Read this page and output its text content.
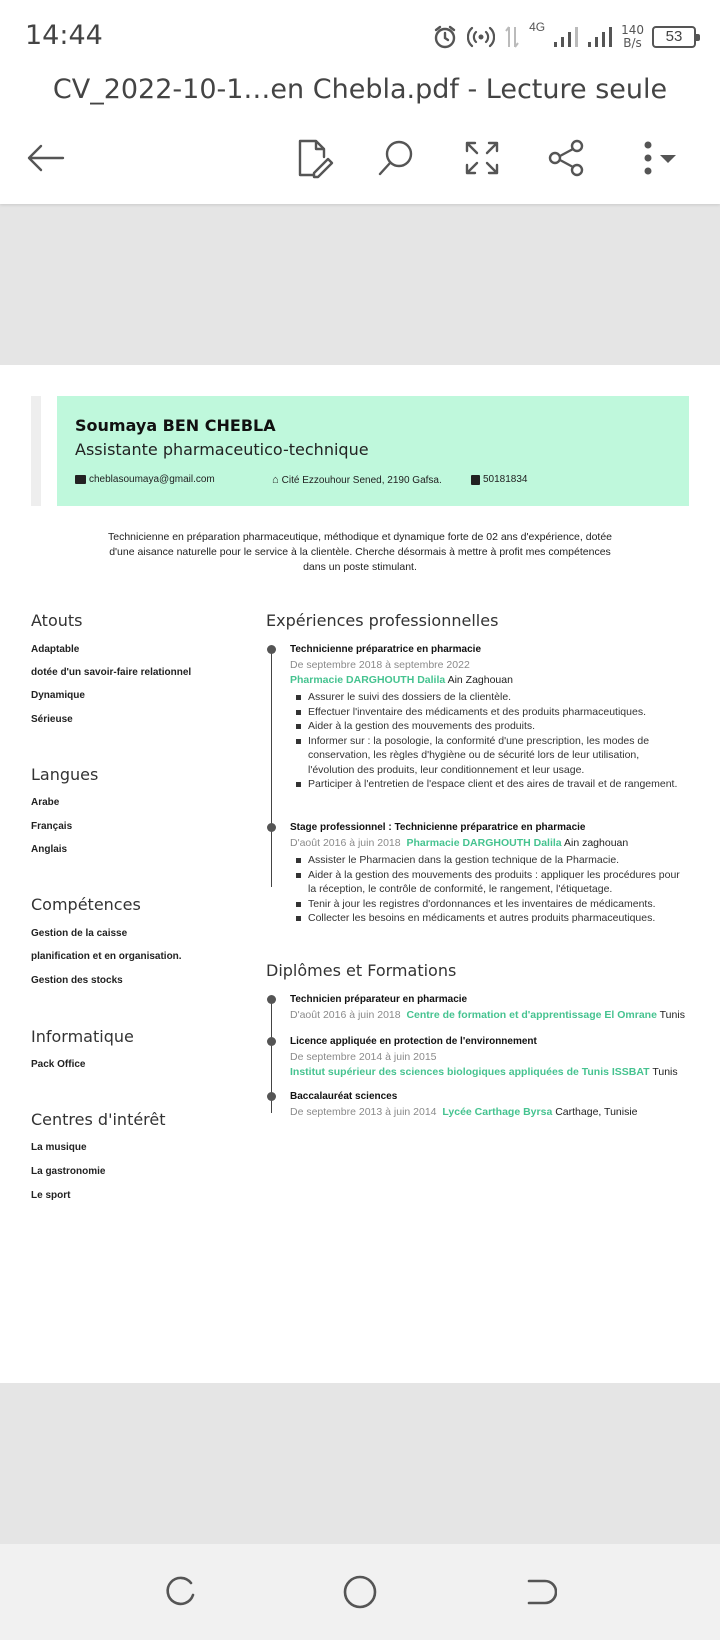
14:44	4G	140
B/s	53
CV_2022-10-1…en Chebla.pdf - Lecture seule
Soumaya BEN CHEBLA
Assistante pharmaceutico-technique
cheblasoumaya@gmail.com	⌂ Cité Ezzouhour Sened, 2190 Gafsa.	50181834
Technicienne en préparation pharmaceutique, méthodique et dynamique forte de 02 ans d'expérience, dotée d'une aisance naturelle pour le service à la clientèle. Cherche désormais à mettre à profit mes compétences dans un poste stimulant.
Atouts
Adaptable
dotée d'un savoir-faire relationnel
Dynamique
Sérieuse
Langues
Arabe
Français
Anglais
Compétences
Gestion de la caisse
planification et en organisation.
Gestion des stocks
Informatique
Pack Office
Centres d'intérêt
La musique
La gastronomie
Le sport
Expériences professionnelles
Technicienne préparatrice en pharmacie
De septembre 2018 à septembre 2022
Pharmacie DARGHOUTH Dalila Ain Zaghouan
Assurer le suivi des dossiers de la clientèle.
Effectuer l'inventaire des médicaments et des produits pharmaceutiques.
Aider à la gestion des mouvements des produits.
Informer sur : la posologie, la conformité d'une prescription, les modes de conservation, les règles d'hygiène ou de sécurité lors de leur utilisation, l'évolution des produits, leur conditionnement et leur usage.
Participer à l'entretien de l'espace client et des aires de travail et de rangement.
Stage professionnel : Technicienne préparatrice en pharmacie
D'août 2016 à juin 2018 Pharmacie DARGHOUTH Dalila Ain zaghouan
Assister le Pharmacien dans la gestion technique de la Pharmacie.
Aider à la gestion des mouvements des produits : appliquer les procédures pour la réception, le contrôle de conformité, le rangement, l'étiquetage.
Tenir à jour les registres d'ordonnances et les inventaires de médicaments.
Collecter les besoins en médicaments et autres produits pharmaceutiques.
Diplômes et Formations
Technicien préparateur en pharmacie
D'août 2016 à juin 2018 Centre de formation et d'apprentissage El Omrane Tunis
Licence appliquée en protection de l'environnement
De septembre 2014 à juin 2015
Institut supérieur des sciences biologiques appliquées de Tunis ISSBAT Tunis
Baccalauréat sciences
De septembre 2013 à juin 2014 Lycée Carthage Byrsa Carthage, Tunisie
